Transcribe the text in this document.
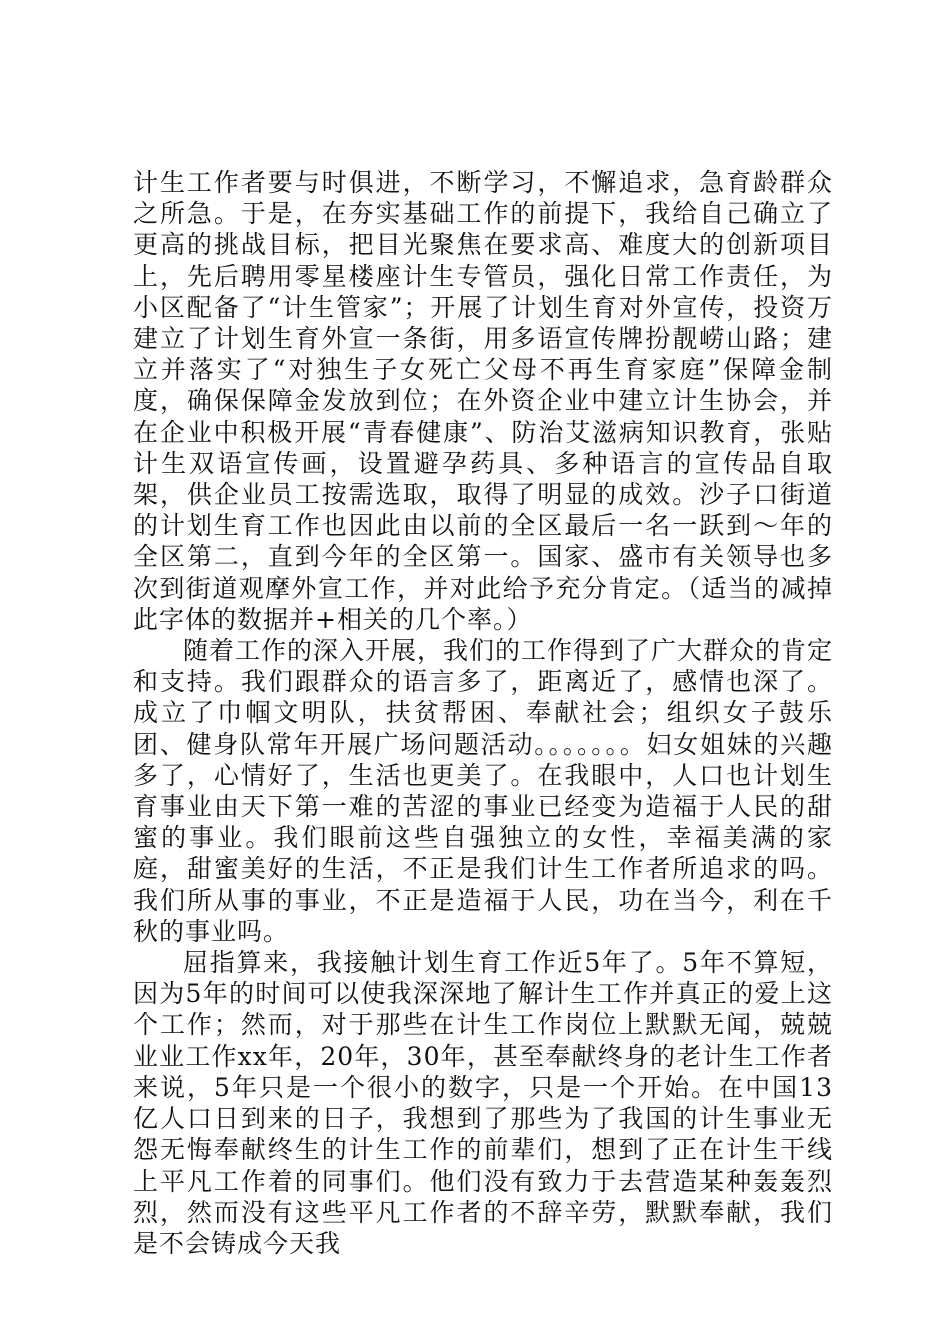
计生工作者要与时俱进，不断学习，不懈追求，急育龄群众之所急。于是，在夯实基础工作的前提下，我给自己确立了更高的挑战目标，把目光聚焦在要求高、难度大的创新项目上，先后聘用零星楼座计生专管员，强化日常工作责任，为小区配备了“计生管家”；开展了计划生育对外宣传，投资万建立了计划生育外宣一条街，用多语宣传牌扮靓崂山路；建立并落实了“对独生子女死亡父母不再生育家庭”保障金制度，确保保障金发放到位；在外资企业中建立计生协会，并在企业中积极开展“青春健康”、防治艾滋病知识教育，张贴计生双语宣传画，设置避孕药具、多种语言的宣传品自取架，供企业员工按需选取，取得了明显的成效。沙子口街道的计划生育工作也因此由以前的全区最后一名一跃到～年的全区第二，直到今年的全区第一。国家、盛市有关领导也多次到街道观摩外宣工作，并对此给予充分肯定。（适当的减掉此字体的数据并+相关的几个率。）

随着工作的深入开展，我们的工作得到了广大群众的肯定和支持。我们跟群众的语言多了，距离近了，感情也深了。成立了巾帼文明队，扶贫帮困、奉献社会；组织女子鼓乐团、健身队常年开展广场问题活动。。。。。。。妇女姐妹的兴趣多了，心情好了，生活也更美了。在我眼中，人口也计划生育事业由天下第一难的苦涩的事业已经变为造福于人民的甜蜜的事业。我们眼前这些自强独立的女性，幸福美满的家庭，甜蜜美好的生活，不正是我们计生工作者所追求的吗。我们所从事的事业，不正是造福于人民，功在当今，利在千秋的事业吗。

屈指算来，我接触计划生育工作近5年了。5年不算短，因为5年的时间可以使我深深地了解计生工作并真正的爱上这个工作；然而，对于那些在计生工作岗位上默默无闻，兢兢业业工作xx年，20年，30年，甚至奉献终身的老计生工作者来说，5年只是一个很小的数字，只是一个开始。在中国13亿人口日到来的日子，我想到了那些为了我国的计生事业无怨无悔奉献终生的计生工作的前辈们，想到了正在计生干线上平凡工作着的同事们。他们没有致力于去营造某种轰轰烈烈，然而没有这些平凡工作者的不辞辛劳，默默奉献，我们是不会铸成今天我
